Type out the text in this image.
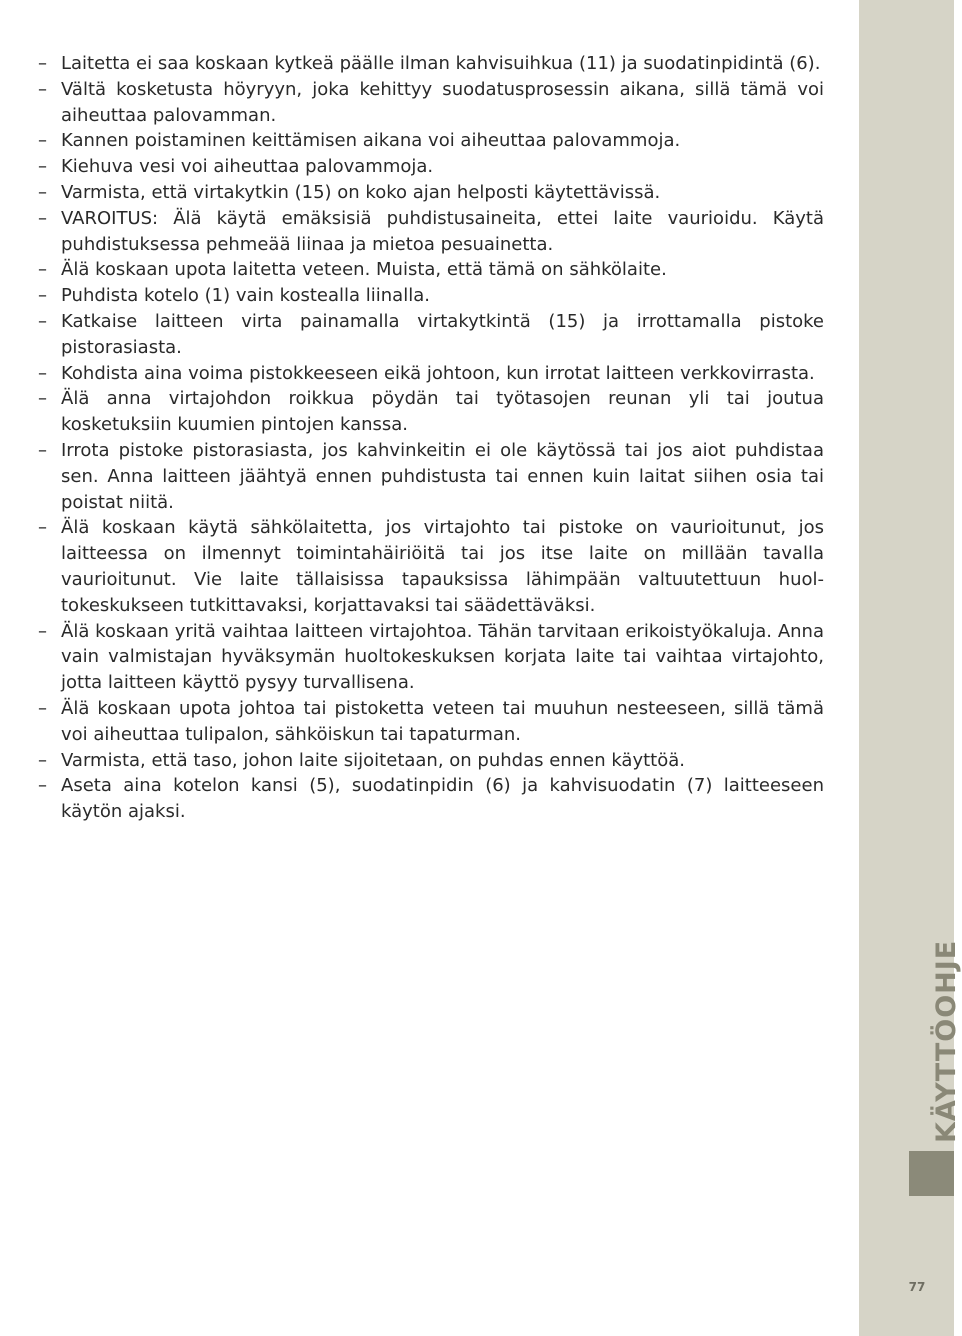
– Laitetta ei saa koskaan kytkeä päälle ilman kahvisuihkua (11) ja suodatinpidintä (6).
– Vältä kosketusta höyryyn, joka kehittyy suodatusprosessin aikana, sillä tämä voi aiheuttaa palovamman.
– Kannen poistaminen keittämisen aikana voi aiheuttaa palovammoja.
– Kiehuva vesi voi aiheuttaa palovammoja.
– Varmista, että virtakytkin (15) on koko ajan helposti käytettävissä.
– VAROITUS: Älä käytä emäksisiä puhdistusaineita, ettei laite vaurioidu. Käytä puhdistuksessa pehmeää liinaa ja mietoa pesuainetta.
– Älä koskaan upota laitetta veteen. Muista, että tämä on sähkölaite.
– Puhdista kotelo (1) vain kostealla liinalla.
– Katkaise laitteen virta painamalla virtakytkintä (15) ja irrottamalla pistoke pistorasiasta.
– Kohdista aina voima pistokkeeseen eikä johtoon, kun irrotat laitteen verkkovirrasta.
– Älä anna virtajohdon roikkua pöydän tai työtasojen reunan yli tai joutua kosketuksiin kuumien pintojen kanssa.
– Irrota pistoke pistorasiasta, jos kahvinkeitin ei ole käytössä tai jos aiot puhdistaa sen. Anna laitteen jäähtyä ennen puhdistusta tai ennen kuin laitat siihen osia tai poistat niitä.
– Älä koskaan käytä sähkölaitetta, jos virtajohto tai pistoke on vaurioitunut, jos laitteessa on ilmennyt toimintahäiriöitä tai jos itse laite on millään tavalla vaurioitunut. Vie laite tällaisissa tapauksissa lähimpään valtuutettuun huoltokeskukseen tutkittavaksi, korjattavaksi tai säädettäväksi.
– Älä koskaan yritä vaihtaa laitteen virtajohtoa. Tähän tarvitaan erikoistyökaluja. Anna vain valmistajan hyväksymän huoltokeskuksen korjata laite tai vaihtaa virtajohto, jotta laitteen käyttö pysyy turvallisena.
– Älä koskaan upota johtoa tai pistoketta veteen tai muuhun nesteeseen, sillä tämä voi aiheuttaa tulipalon, sähköiskun tai tapaturman.
– Varmista, että taso, johon laite sijoitetaan, on puhdas ennen käyttöä.
– Aseta aina kotelon kansi (5), suodatinpidin (6) ja kahvisuodatin (7) laitteeseen käytön ajaksi.
KÄYTTÖOHJE
77
